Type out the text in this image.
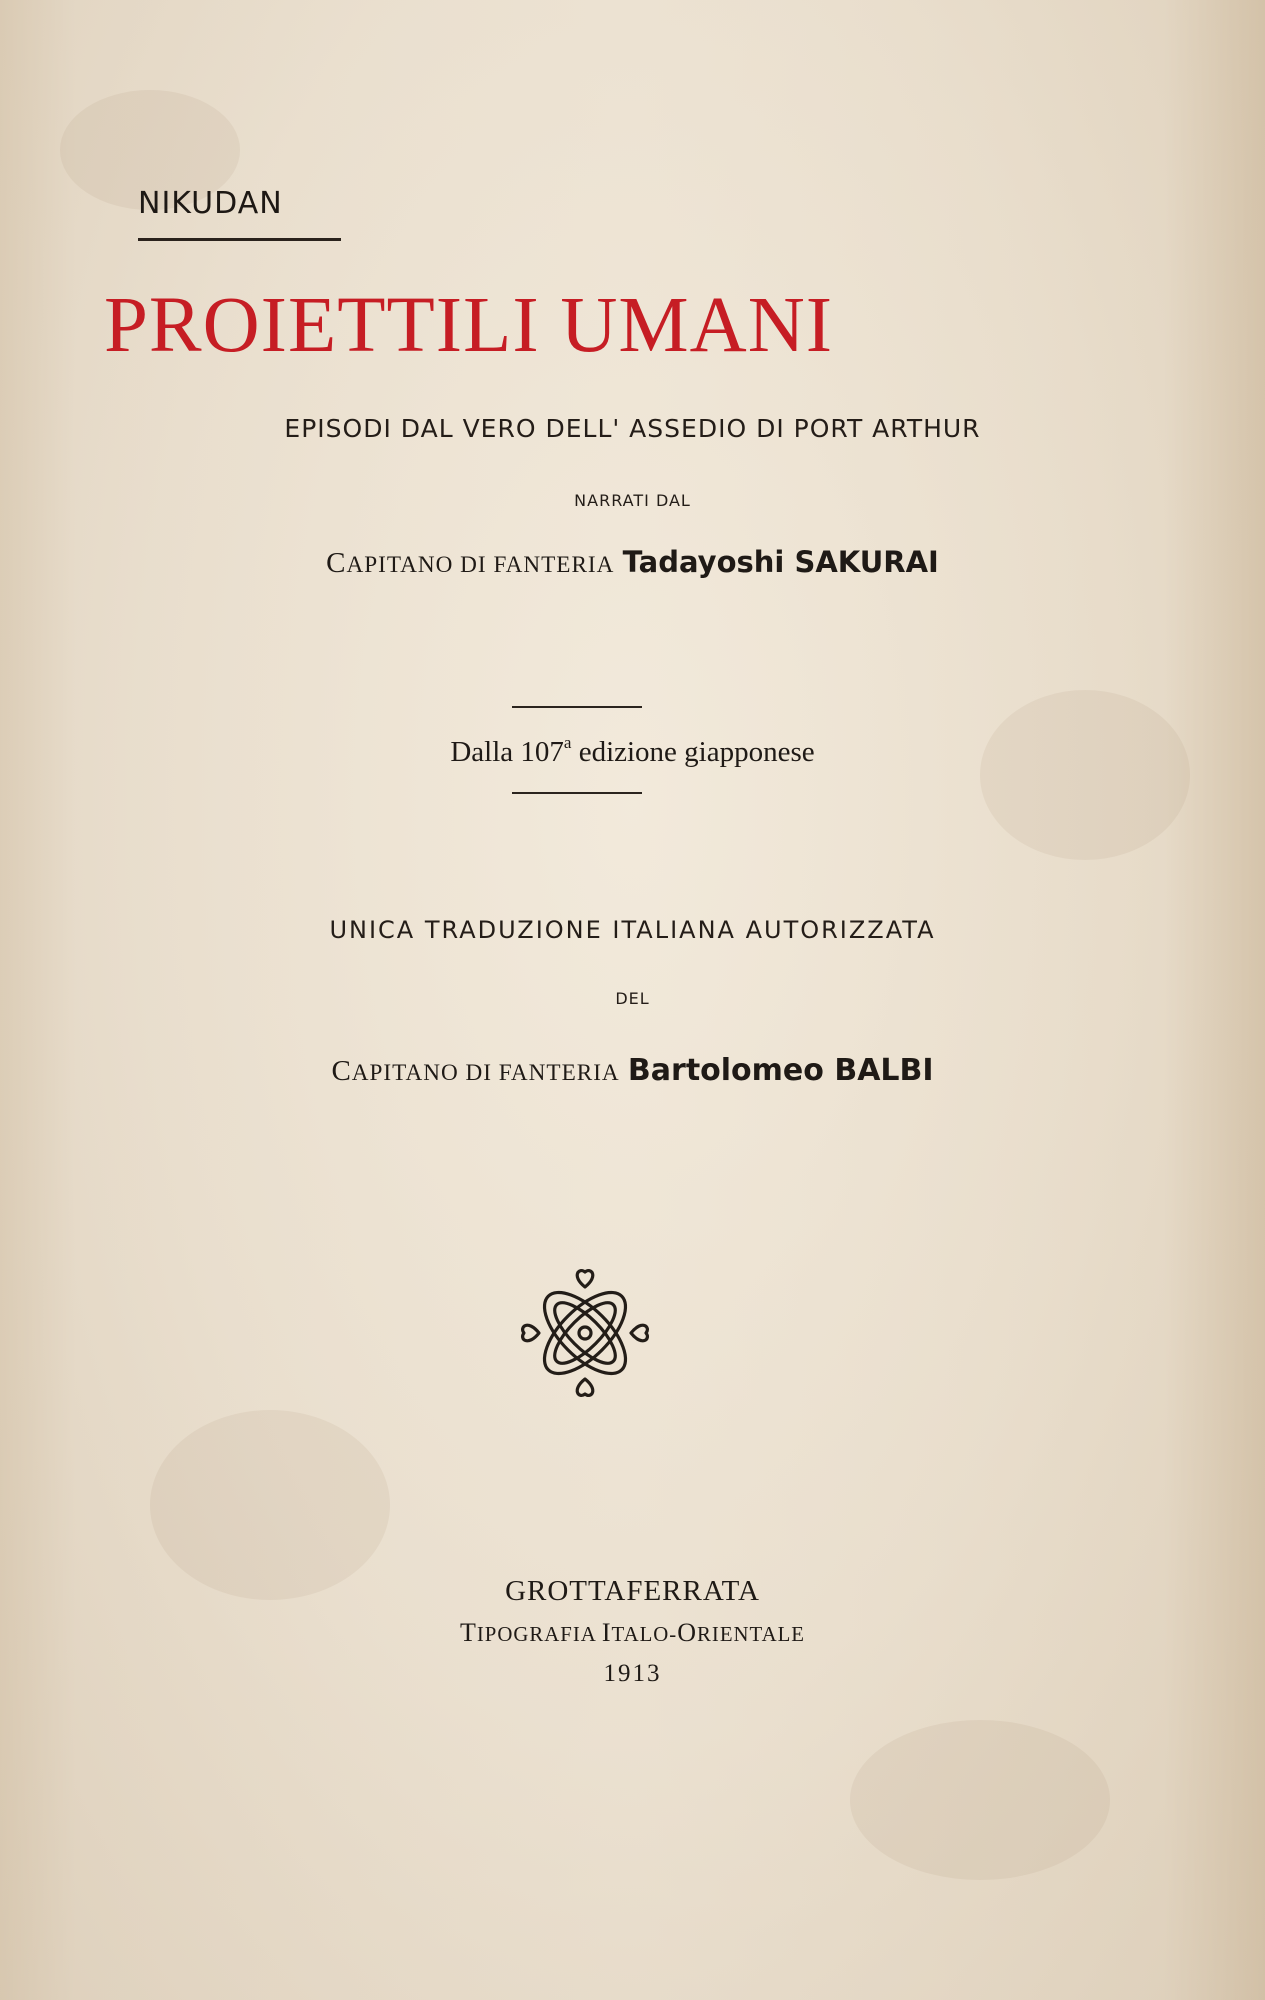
NIKUDAN
PROIETTILI UMANI
EPISODI DAL VERO DELL' ASSEDIO DI PORT ARTHUR
NARRATI DAL
CAPITANO DI FANTERIA Tadayoshi SAKURAI
Dalla 107$^a$ edizione giapponese
UNICA TRADUZIONE ITALIANA AUTORIZZATA
DEL
CAPITANO DI FANTERIA Bartolomeo BALBI
GROTTAFERRATA
TIPOGRAFIA ITALO-ORIENTALE
1913
